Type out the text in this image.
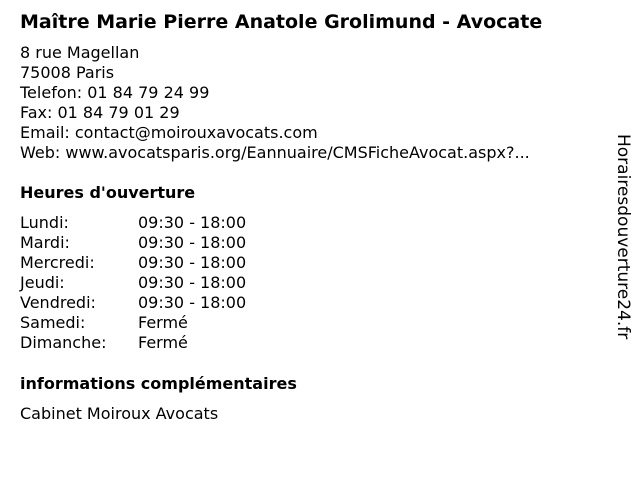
Maître Marie Pierre Anatole Grolimund - Avocate
8 rue Magellan
75008 Paris
Telefon: 01 84 79 24 99
Fax: 01 84 79 01 29
Email: contact@moirouxavocats.com
Web: www.avocatsparis.org/Eannuaire/CMSFicheAvocat.aspx?...
Heures d'ouverture
Lundi:	09:30 - 18:00
Mardi:	09:30 - 18:00
Mercredi:	09:30 - 18:00
Jeudi:	09:30 - 18:00
Vendredi:	09:30 - 18:00
Samedi:	Fermé
Dimanche: Fermé
informations complémentaires
Cabinet Moiroux Avocats
Horairesdouverture24.fr
